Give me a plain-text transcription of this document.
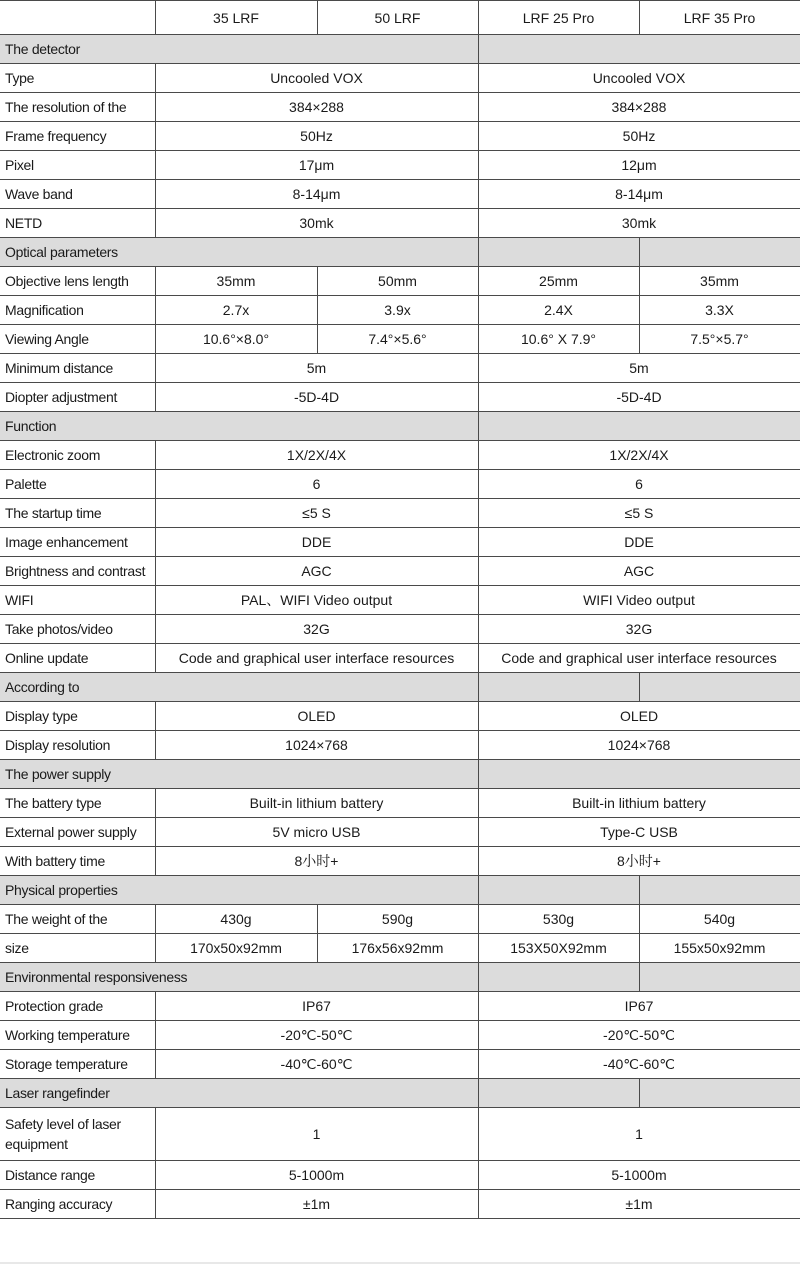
	35 LRF	50 LRF	LRF 25 Pro	LRF 35 Pro
The detector				
Type	Uncooled VOX		Uncooled VOX	
The resolution of the	384×288		384×288	
Frame frequency	50Hz		50Hz	
Pixel	17μm		12μm	
Wave band	8-14μm		8-14μm	
NETD	30mk		30mk	
Optical parameters				
Objective lens length	35mm	50mm	25mm	35mm
Magnification	2.7x	3.9x	2.4X	3.3X
Viewing Angle	10.6°×8.0°	7.4°×5.6°	10.6° X 7.9°	7.5°×5.7°
Minimum distance	5m		5m	
Diopter adjustment	-5D-4D		-5D-4D	
Function				
Electronic zoom	1X/2X/4X		1X/2X/4X	
Palette	6		6	
The startup time	≤5 S		≤5 S	
Image enhancement	DDE		DDE	
Brightness and contrast	AGC		AGC	
WIFI	PAL、WIFI Video output		WIFI Video output	
Take photos/video	32G		32G	
Online update	Code and graphical user interface resources		Code and graphical user interface resources	
According to				
Display type	OLED		OLED	
Display resolution	1024×768		1024×768	
The power supply				
The battery type	Built-in lithium battery		Built-in lithium battery	
External power supply	5V micro USB		Type-C USB	
With battery time	8小时+		8小时+	
Physical properties				
The weight of the	430g	590g	530g	540g
size	170x50x92mm	176x56x92mm	153X50X92mm	155x50x92mm
Environmental responsiveness				
Protection grade	IP67		IP67	
Working temperature	-20℃-50℃		-20℃-50℃	
Storage temperature	-40℃-60℃		-40℃-60℃	
Laser rangefinder				
Safety level of laser equipment	1		1	
Distance range	5-1000m		5-1000m	
Ranging accuracy	±1m		±1m	
